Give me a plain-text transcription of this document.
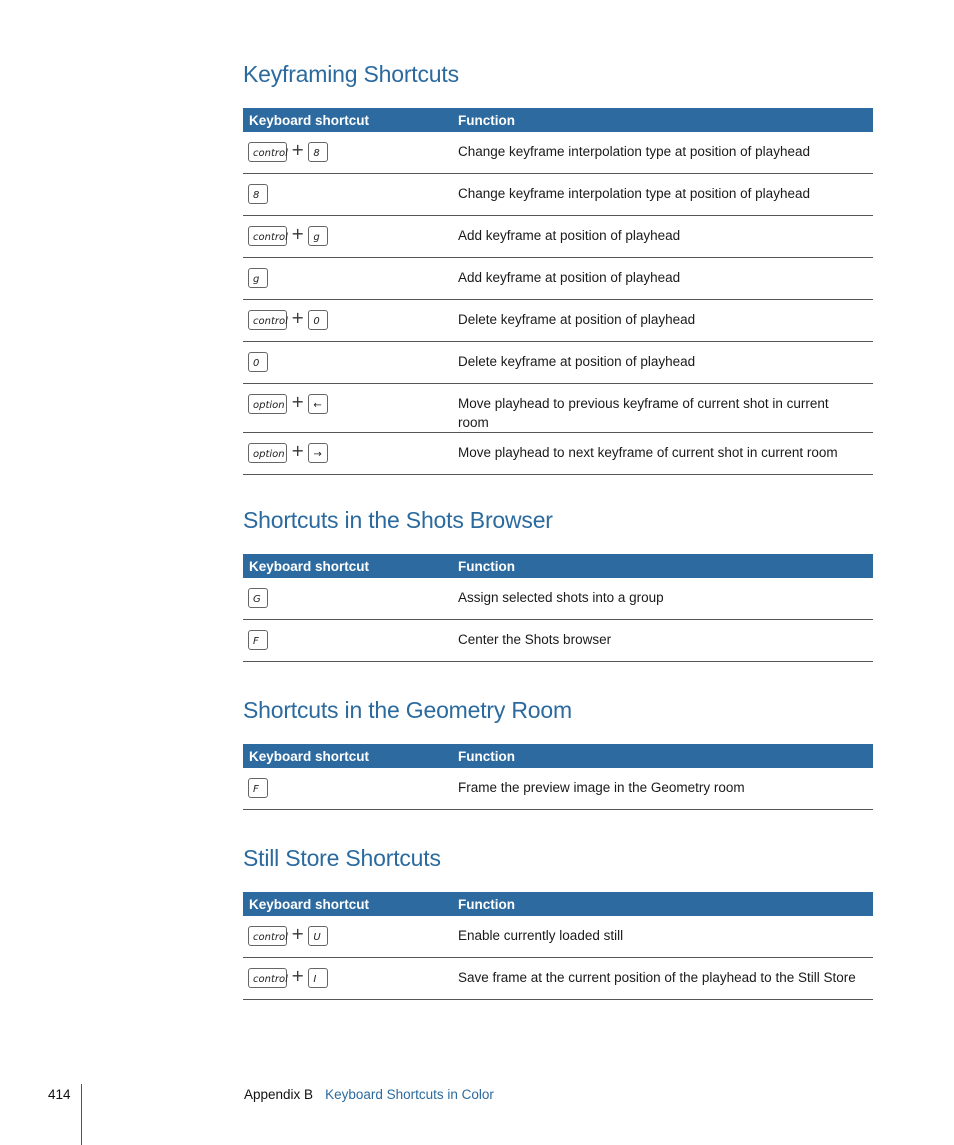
Keyframing Shortcuts
Keyboard shortcut	Function

control + 8	Change keyframe interpolation type at position of playhead

8	Change keyframe interpolation type at position of playhead

control + g	Add keyframe at position of playhead

g	Add keyframe at position of playhead

control + 0	Delete keyframe at position of playhead

0	Delete keyframe at position of playhead

option + ←	Move playhead to previous keyframe of current shot in current room

option + →	Move playhead to next keyframe of current shot in current room
Shortcuts in the Shots Browser
Keyboard shortcut	Function

G	Assign selected shots into a group

F	Center the Shots browser
Shortcuts in the Geometry Room
Keyboard shortcut	Function

F	Frame the preview image in the Geometry room
Still Store Shortcuts
Keyboard shortcut	Function

control + U	Enable currently loaded still

control + I	Save frame at the current position of the playhead to the Still Store
414	Appendix B Keyboard Shortcuts in Color
